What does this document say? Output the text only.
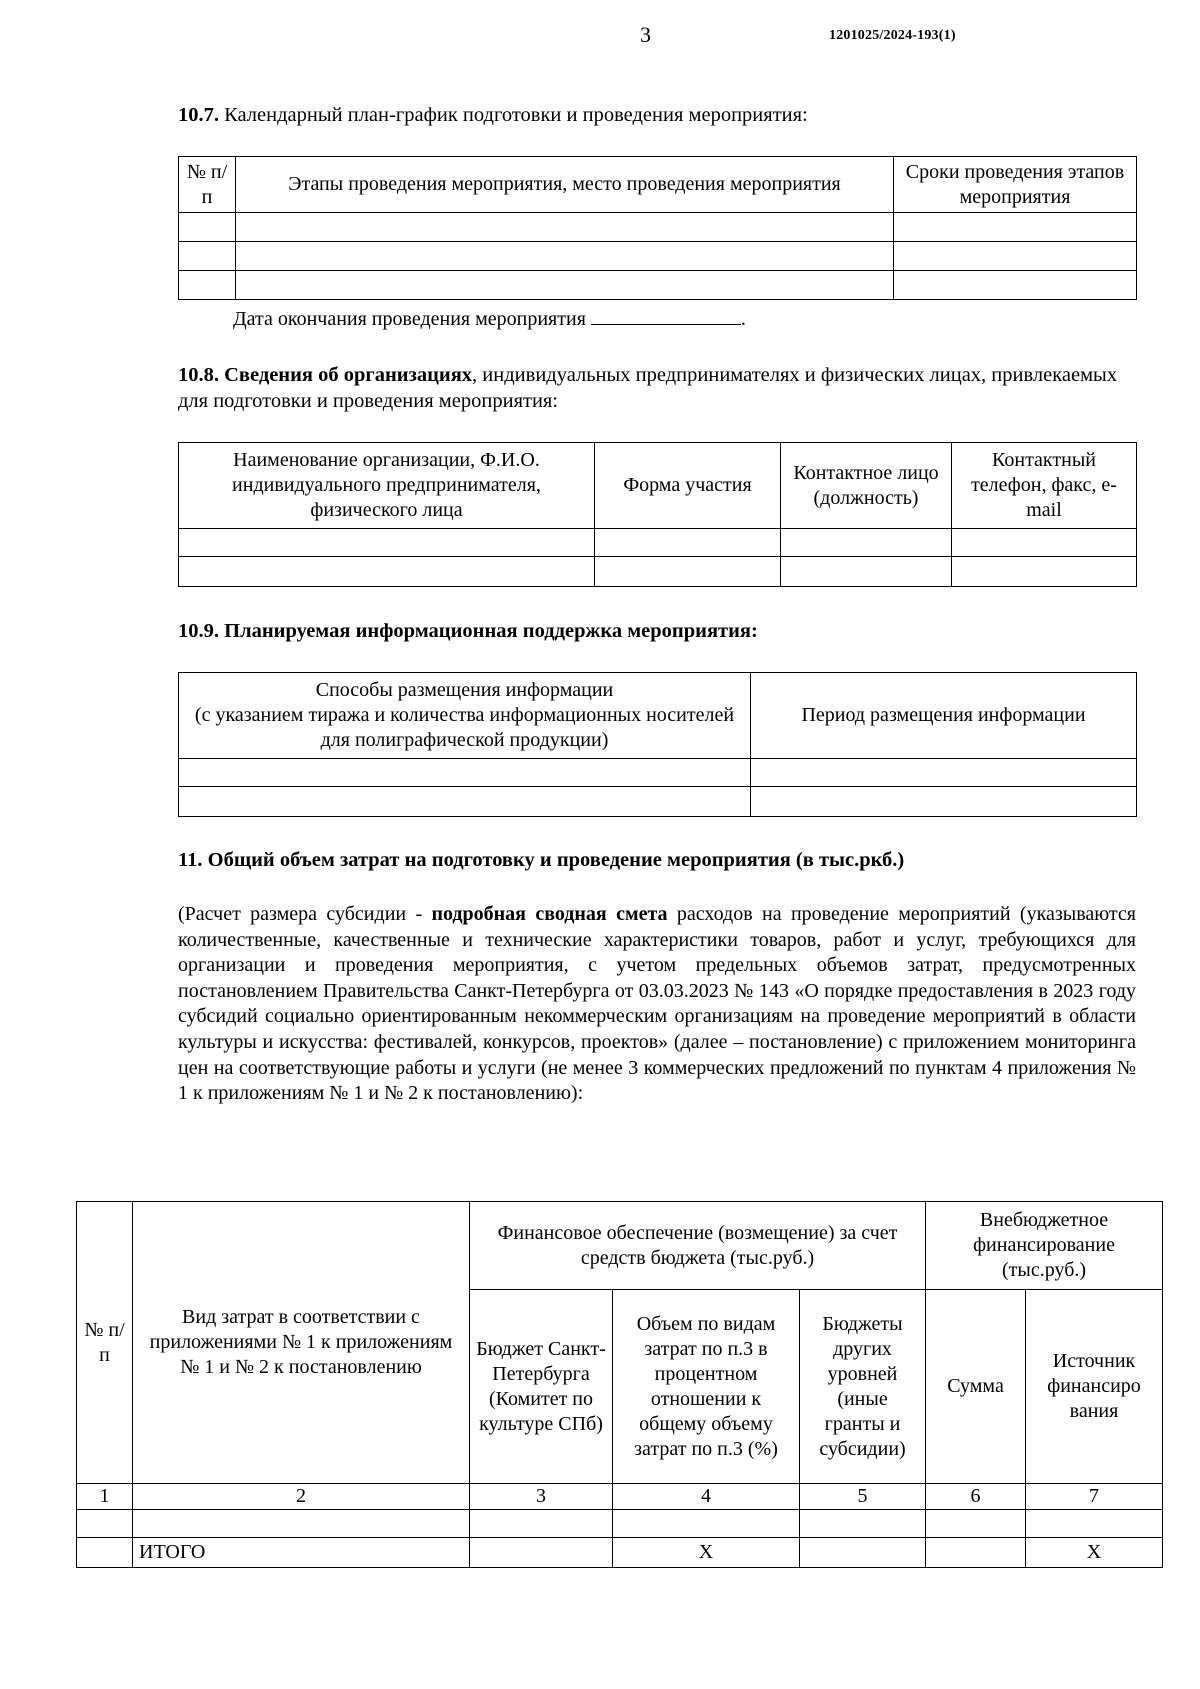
3	1201025/2024-193(1)
10.7. Календарный план-график подготовки и проведения мероприятия:
№ п/п	Этапы проведения мероприятия, место проведения мероприятия	Сроки проведения этапов мероприятия

Дата окончания проведения мероприятия	.
10.8. Сведения об организациях, индивидуальных предпринимателях и физических лицах, привлекаемых для подготовки и проведения мероприятия:
Наименование организации, Ф.И.О. индивидуального предпринимателя, физического лица	Форма участия	Контактное лицо (должность)	Контактный телефон, факс, e-mail

10.9. Планируемая информационная поддержка мероприятия:
Способы размещения информации
(с указанием тиража и количества информационных носителей для полиграфической продукции)	Период размещения информации

11. Общий объем затрат на подготовку и проведение мероприятия (в тыс.ркб.)
(Расчет размера субсидии - подробная сводная смета расходов на проведение мероприятий (указываются количественные, качественные и технические характеристики товаров, работ и услуг, требующихся для организации и проведения мероприятия, с учетом предельных объемов затрат, предусмотренных постановлением Правительства Санкт-Петербурга от 03.03.2023 № 143 «О порядке предоставления в 2023 году субсидий социально ориентированным некоммерческим организациям на проведение мероприятий в области культуры и искусства: фестивалей, конкурсов, проектов» (далее – постановление) с приложением мониторинга цен на соответствующие работы и услуги (не менее 3 коммерческих предложений по пунктам 4 приложения № 1 к приложениям № 1 и № 2 к постановлению):
№ п/п	Вид затрат в соответствии с приложениями № 1 к приложениям № 1 и № 2 к постановлению	Финансовое обеспечение (возмещение) за счет средств бюджета (тыс.руб.)			Внебюджетное финансирование (тыс.руб.)	
		Бюджет Санкт-Петербурга (Комитет по культуре СПб)	Объем по видам затрат по п.3 в процентном отношении к общему объему затрат по п.3 (%)	Бюджеты других уровней (иные гранты и субсидии)	Сумма	Источник финансиро вания
1	2	3	4	5	6	7

	ИТОГО		Х			Х
